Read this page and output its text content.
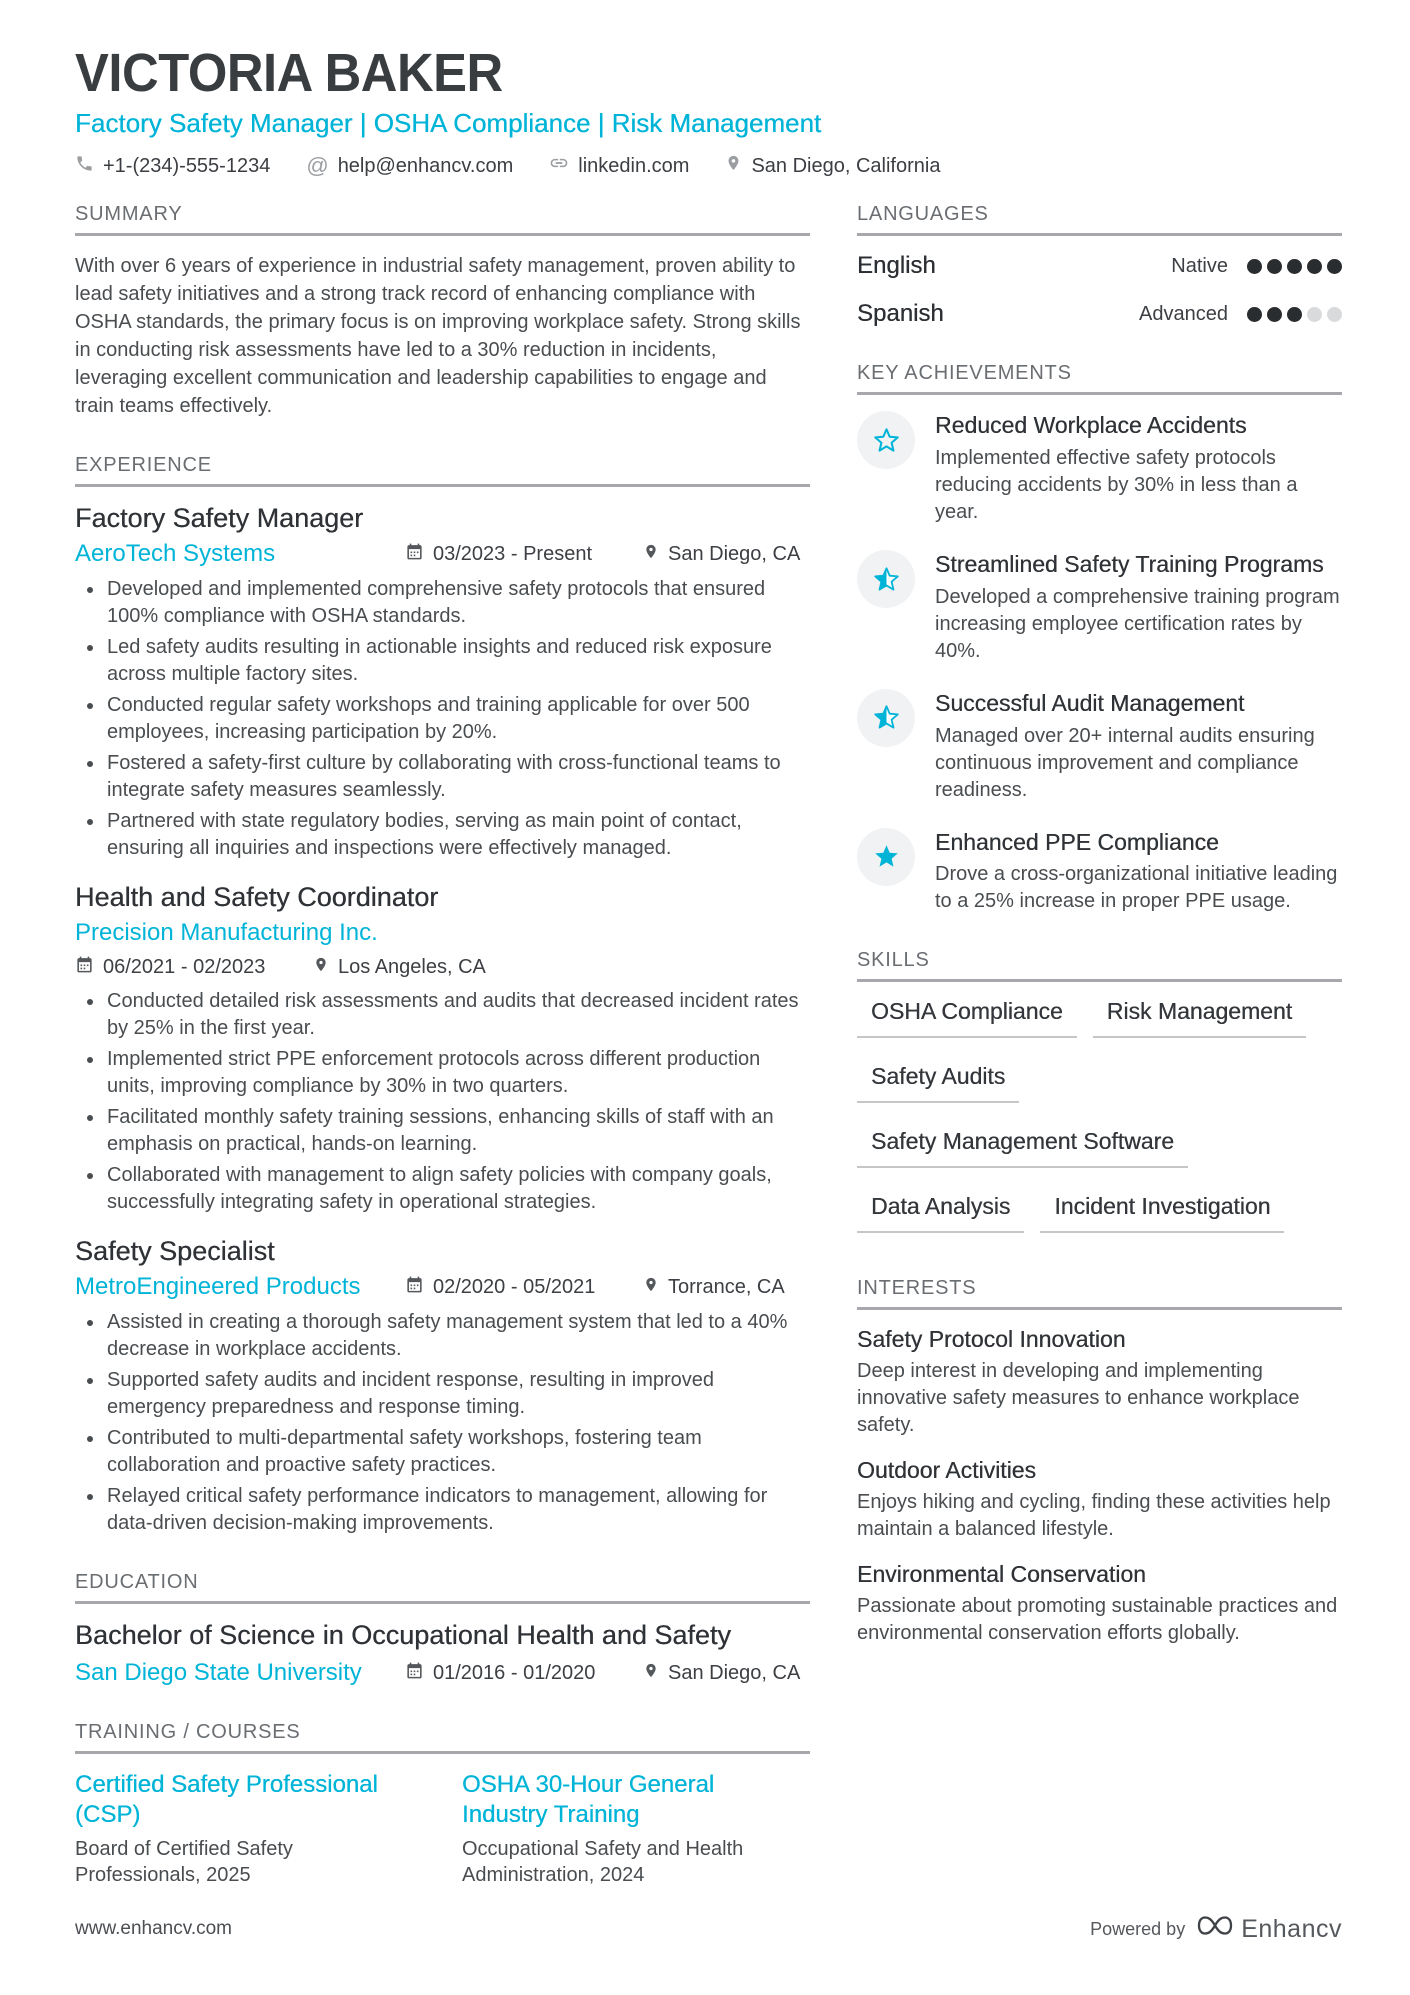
VICTORIA BAKER
Factory Safety Manager | OSHA Compliance | Risk Management
+1-(234)-555-1234 @ help@enhancv.com	linkedin.com	San Diego, California
SUMMARY
With over 6 years of experience in industrial safety management, proven ability to lead safety initiatives and a strong track record of enhancing compliance with OSHA standards, the primary focus is on improving workplace safety. Strong skills in conducting risk assessments have led to a 30% reduction in incidents, leveraging excellent communication and leadership capabilities to engage and train teams effectively.
EXPERIENCE
Factory Safety Manager
AeroTech Systems	03/2023 - Present	San Diego, CA
• Developed and implemented comprehensive safety protocols that ensured 100% compliance with OSHA standards.
• Led safety audits resulting in actionable insights and reduced risk exposure across multiple factory sites.
• Conducted regular safety workshops and training applicable for over 500 employees, increasing participation by 20%.
• Fostered a safety-first culture by collaborating with cross-functional teams to integrate safety measures seamlessly.
• Partnered with state regulatory bodies, serving as main point of contact, ensuring all inquiries and inspections were effectively managed.
Health and Safety Coordinator
Precision Manufacturing Inc.
06/2021 - 02/2023	Los Angeles, CA
• Conducted detailed risk assessments and audits that decreased incident rates by 25% in the first year.
• Implemented strict PPE enforcement protocols across different production units, improving compliance by 30% in two quarters.
• Facilitated monthly safety training sessions, enhancing skills of staff with an emphasis on practical, hands-on learning.
• Collaborated with management to align safety policies with company goals, successfully integrating safety in operational strategies.
Safety Specialist
MetroEngineered Products	02/2020 - 05/2021	Torrance, CA
• Assisted in creating a thorough safety management system that led to a 40% decrease in workplace accidents.
• Supported safety audits and incident response, resulting in improved emergency preparedness and response timing.
• Contributed to multi-departmental safety workshops, fostering team collaboration and proactive safety practices.
• Relayed critical safety performance indicators to management, allowing for data-driven decision-making improvements.
EDUCATION
Bachelor of Science in Occupational Health and Safety
San Diego State University	01/2016 - 01/2020	San Diego, CA
TRAINING / COURSES
Certified Safety Professional (CSP)
Board of Certified Safety Professionals, 2025
OSHA 30-Hour General Industry Training
Occupational Safety and Health Administration, 2024
LANGUAGES
English	Native
Spanish	Advanced
KEY ACHIEVEMENTS
Reduced Workplace Accidents
Implemented effective safety protocols reducing accidents by 30% in less than a year.
Streamlined Safety Training Programs
Developed a comprehensive training program increasing employee certification rates by 40%.
Successful Audit Management
Managed over 20+ internal audits ensuring continuous improvement and compliance readiness.
Enhanced PPE Compliance
Drove a cross-organizational initiative leading to a 25% increase in proper PPE usage.
SKILLS
OSHA Compliance	Risk Management
Safety Audits
Safety Management Software
Data Analysis	Incident Investigation
INTERESTS
Safety Protocol Innovation
Deep interest in developing and implementing innovative safety measures to enhance workplace safety.
Outdoor Activities
Enjoys hiking and cycling, finding these activities help maintain a balanced lifestyle.
Environmental Conservation
Passionate about promoting sustainable practices and environmental conservation efforts globally.
www.enhancv.com	Powered by Enhancv
